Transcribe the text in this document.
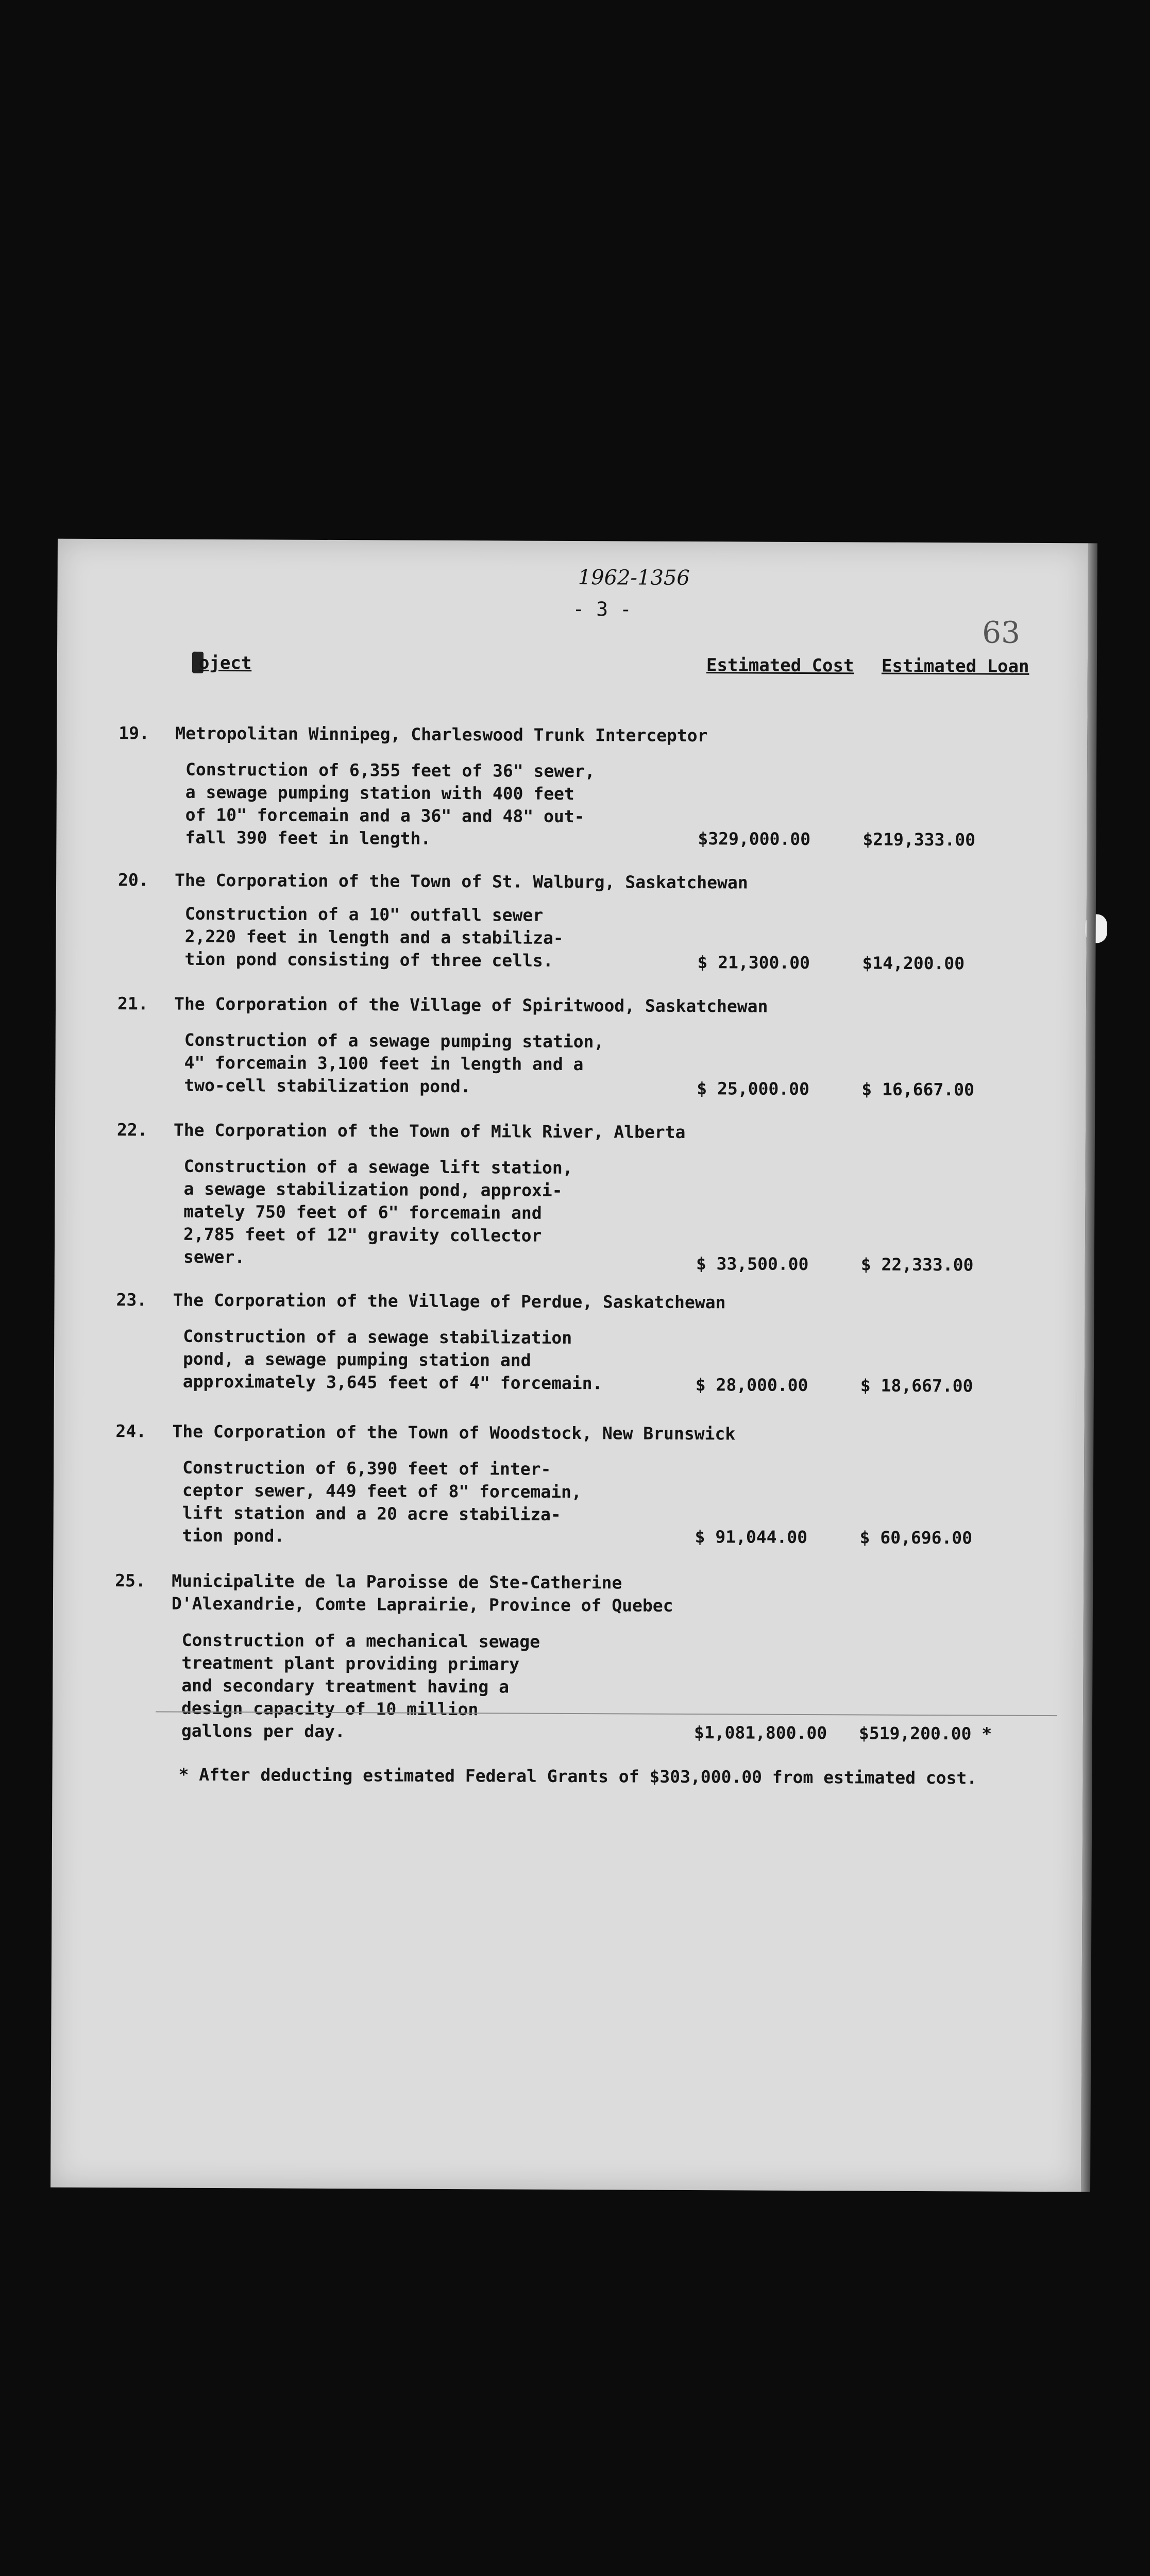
1962-1356
- 3 -
63
oject	Estimated Cost Estimated Loan
19. Metropolitan Winnipeg, Charleswood Trunk Interceptor
Construction of 6,355 feet of 36" sewer,
a sewage pumping station with 400 feet
of 10" forcemain and a 36" and 48" out-
fall 390 feet in length.	$329,000.00	$219,333.00
20. The Corporation of the Town of St. Walburg, Saskatchewan
Construction of a 10" outfall sewer
2,220 feet in length and a stabiliza-
tion pond consisting of three cells.	$ 21,300.00	$14,200.00
21. The Corporation of the Village of Spiritwood, Saskatchewan
Construction of a sewage pumping station,
4" forcemain 3,100 feet in length and a
two-cell stabilization pond.	$ 25,000.00	$ 16,667.00
22. The Corporation of the Town of Milk River, Alberta
Construction of a sewage lift station,
a sewage stabilization pond, approxi-
mately 750 feet of 6" forcemain and
2,785 feet of 12" gravity collector
sewer.	$ 33,500.00	$ 22,333.00
23. The Corporation of the Village of Perdue, Saskatchewan
Construction of a sewage stabilization
pond, a sewage pumping station and
approximately 3,645 feet of 4" forcemain.	$ 28,000.00	$ 18,667.00
24. The Corporation of the Town of Woodstock, New Brunswick
Construction of 6,390 feet of inter-
ceptor sewer, 449 feet of 8" forcemain,
lift station and a 20 acre stabiliza-
tion pond.	$ 91,044.00	$ 60,696.00
25. Municipalite de la Paroisse de Ste-Catherine
D'Alexandrie, Comte Laprairie, Province of Quebec
Construction of a mechanical sewage
treatment plant providing primary
and secondary treatment having a
design capacity of 10 million
gallons per day.	$1,081,800.00 $519,200.00 *
* After deducting estimated Federal Grants of $303,000.00 from estimated cost.
